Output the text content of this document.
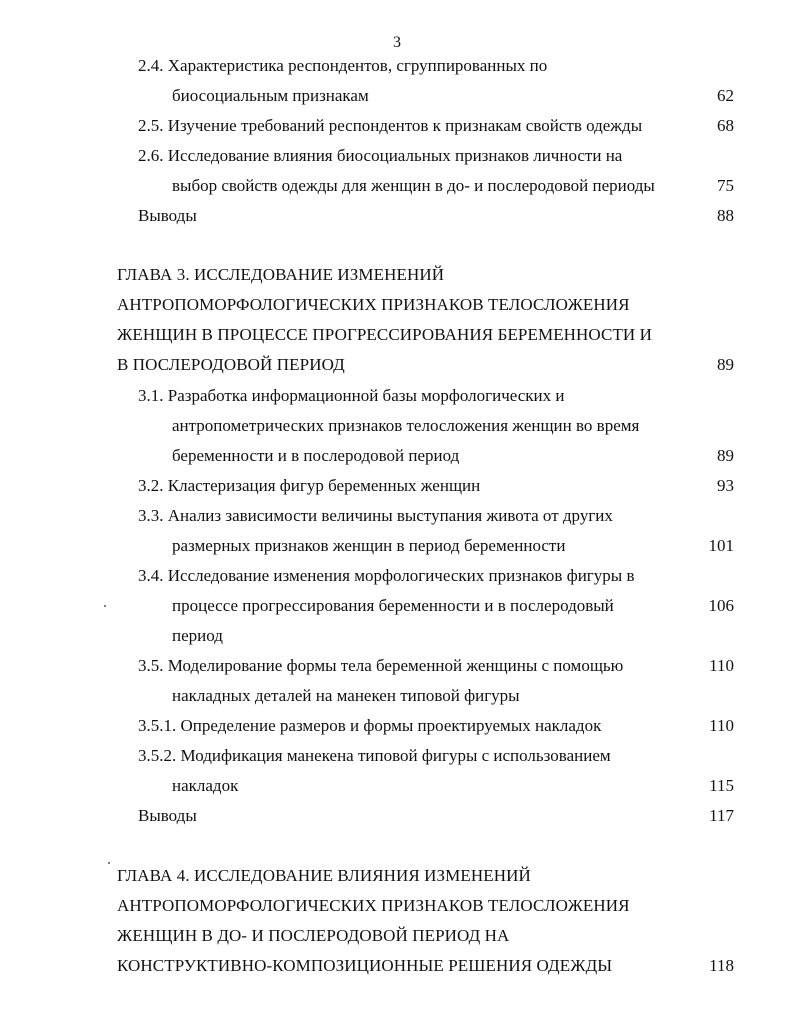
3
2.4. Характеристика респондентов, сгруппированных по
биосоциальным признакам	62
2.5. Изучение требований респондентов к признакам свойств одежды	68
2.6. Исследование влияния биосоциальных признаков личности на
выбор свойств одежды для женщин в до- и послеродовой периоды	75
Выводы	88
ГЛАВА 3. ИССЛЕДОВАНИЕ ИЗМЕНЕНИЙ
АНТРОПОМОРФОЛОГИЧЕСКИХ ПРИЗНАКОВ ТЕЛОСЛОЖЕНИЯ
ЖЕНЩИН В ПРОЦЕССЕ ПРОГРЕССИРОВАНИЯ БЕРЕМЕННОСТИ И
В ПОСЛЕРОДОВОЙ ПЕРИОД	89
3.1. Разработка информационной базы морфологических и
антропометрических признаков телосложения женщин во время
беременности и в послеродовой период	89
3.2. Кластеризация фигур беременных женщин	93
3.3. Анализ зависимости величины выступания живота от других
размерных признаков женщин в период беременности	101
3.4. Исследование изменения морфологических признаков фигуры в
процессе прогрессирования беременности и в послеродовый	106
период
3.5. Моделирование формы тела беременной женщины с помощью	110
накладных деталей на манекен типовой фигуры
3.5.1. Определение размеров и формы проектируемых накладок	110
3.5.2. Модификация манекена типовой фигуры с использованием
накладок	115
Выводы	117
ГЛАВА 4. ИССЛЕДОВАНИЕ ВЛИЯНИЯ ИЗМЕНЕНИЙ
АНТРОПОМОРФОЛОГИЧЕСКИХ ПРИЗНАКОВ ТЕЛОСЛОЖЕНИЯ
ЖЕНЩИН В ДО- И ПОСЛЕРОДОВОЙ ПЕРИОД НА
КОНСТРУКТИВНО-КОМПОЗИЦИОННЫЕ РЕШЕНИЯ ОДЕЖДЫ	118
